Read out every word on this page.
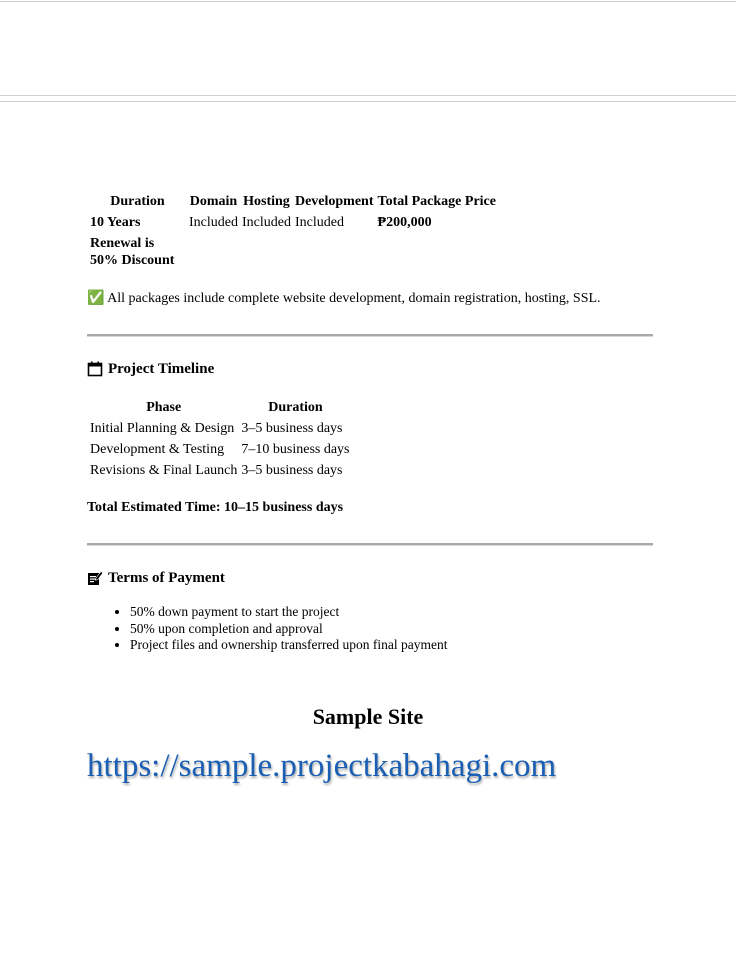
Duration	Domain	Hosting	Development	Total Package Price
10 Years	Included	Included	Included	₱200,000
Renewal is 50% Discount				
✅ All packages include complete website development, domain registration, hosting, SSL.
Project Timeline
Phase	Duration
Initial Planning & Design	3–5 business days
Development & Testing	7–10 business days
Revisions & Final Launch	3–5 business days
Total Estimated Time: 10–15 business days
Terms of Payment
• 50% down payment to start the project
• 50% upon completion and approval
• Project files and ownership transferred upon final payment
Sample Site
https://sample.projectkabahagi.com
